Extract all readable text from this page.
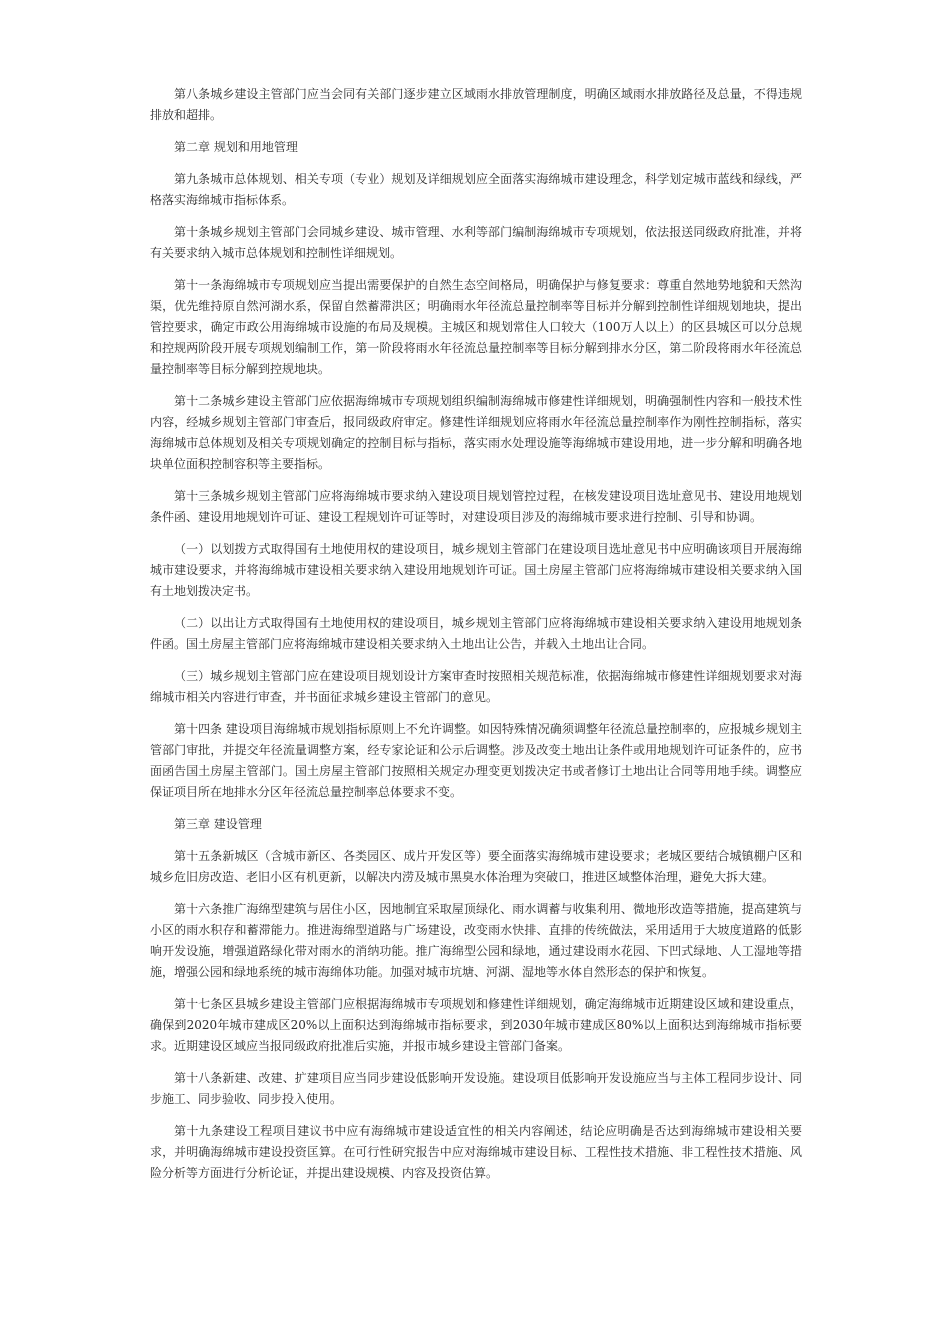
第八条城乡建设主管部门应当会同有关部门逐步建立区域雨水排放管理制度，明确区域雨水排放路径及总量，不得违规排放和超排。

第二章 规划和用地管理

第九条城市总体规划、相关专项（专业）规划及详细规划应全面落实海绵城市建设理念，科学划定城市蓝线和绿线，严格落实海绵城市指标体系。

第十条城乡规划主管部门会同城乡建设、城市管理、水利等部门编制海绵城市专项规划，依法报送同级政府批准，并将有关要求纳入城市总体规划和控制性详细规划。

第十一条海绵城市专项规划应当提出需要保护的自然生态空间格局，明确保护与修复要求：尊重自然地势地貌和天然沟渠，优先维持原自然河湖水系，保留自然蓄滞洪区；明确雨水年径流总量控制率等目标并分解到控制性详细规划地块，提出管控要求，确定市政公用海绵城市设施的布局及规模。主城区和规划常住人口较大（100万人以上）的区县城区可以分总规和控规两阶段开展专项规划编制工作，第一阶段将雨水年径流总量控制率等目标分解到排水分区，第二阶段将雨水年径流总量控制率等目标分解到控规地块。

第十二条城乡建设主管部门应依据海绵城市专项规划组织编制海绵城市修建性详细规划，明确强制性内容和一般技术性内容，经城乡规划主管部门审查后，报同级政府审定。修建性详细规划应将雨水年径流总量控制率作为刚性控制指标，落实海绵城市总体规划及相关专项规划确定的控制目标与指标，落实雨水处理设施等海绵城市建设用地，进一步分解和明确各地块单位面积控制容积等主要指标。

第十三条城乡规划主管部门应将海绵城市要求纳入建设项目规划管控过程，在核发建设项目选址意见书、建设用地规划条件函、建设用地规划许可证、建设工程规划许可证等时，对建设项目涉及的海绵城市要求进行控制、引导和协调。

（一）以划拨方式取得国有土地使用权的建设项目，城乡规划主管部门在建设项目选址意见书中应明确该项目开展海绵城市建设要求，并将海绵城市建设相关要求纳入建设用地规划许可证。国土房屋主管部门应将海绵城市建设相关要求纳入国有土地划拨决定书。

（二）以出让方式取得国有土地使用权的建设项目，城乡规划主管部门应将海绵城市建设相关要求纳入建设用地规划条件函。国土房屋主管部门应将海绵城市建设相关要求纳入土地出让公告，并载入土地出让合同。

（三）城乡规划主管部门应在建设项目规划设计方案审查时按照相关规范标准，依据海绵城市修建性详细规划要求对海绵城市相关内容进行审查，并书面征求城乡建设主管部门的意见。

第十四条 建设项目海绵城市规划指标原则上不允许调整。如因特殊情况确须调整年径流总量控制率的，应报城乡规划主管部门审批，并提交年径流量调整方案，经专家论证和公示后调整。涉及改变土地出让条件或用地规划许可证条件的，应书面函告国土房屋主管部门。国土房屋主管部门按照相关规定办理变更划拨决定书或者修订土地出让合同等用地手续。调整应保证项目所在地排水分区年径流总量控制率总体要求不变。

第三章 建设管理

第十五条新城区（含城市新区、各类园区、成片开发区等）要全面落实海绵城市建设要求；老城区要结合城镇棚户区和城乡危旧房改造、老旧小区有机更新，以解决内涝及城市黑臭水体治理为突破口，推进区域整体治理，避免大拆大建。

第十六条推广海绵型建筑与居住小区，因地制宜采取屋顶绿化、雨水调蓄与收集利用、微地形改造等措施，提高建筑与小区的雨水积存和蓄滞能力。推进海绵型道路与广场建设，改变雨水快排、直排的传统做法，采用适用于大坡度道路的低影响开发设施，增强道路绿化带对雨水的消纳功能。推广海绵型公园和绿地，通过建设雨水花园、下凹式绿地、人工湿地等措施，增强公园和绿地系统的城市海绵体功能。加强对城市坑塘、河湖、湿地等水体自然形态的保护和恢复。

第十七条区县城乡建设主管部门应根据海绵城市专项规划和修建性详细规划，确定海绵城市近期建设区域和建设重点，确保到2020年城市建成区20%以上面积达到海绵城市指标要求，到2030年城市建成区80%以上面积达到海绵城市指标要求。近期建设区域应当报同级政府批准后实施，并报市城乡建设主管部门备案。

第十八条新建、改建、扩建项目应当同步建设低影响开发设施。建设项目低影响开发设施应当与主体工程同步设计、同步施工、同步验收、同步投入使用。

第十九条建设工程项目建议书中应有海绵城市建设适宜性的相关内容阐述，结论应明确是否达到海绵城市建设相关要求，并明确海绵城市建设投资匡算。在可行性研究报告中应对海绵城市建设目标、工程性技术措施、非工程性技术措施、风险分析等方面进行分析论证，并提出建设规模、内容及投资估算。
